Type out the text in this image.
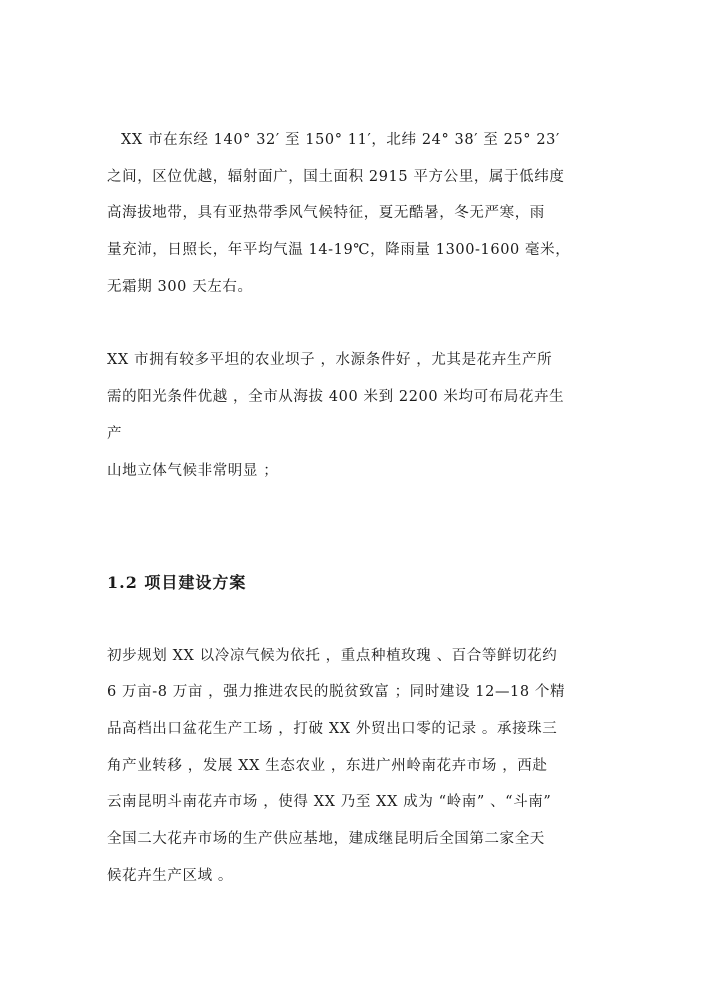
XX 市在东经 140° 32′ 至 150° 11′，北纬 24° 38′ 至 25° 23′
之间，区位优越，辐射面广，国土面积 2915 平方公里，属于低纬度
高海拔地带，具有亚热带季风气候特征，夏无酷暑，冬无严寒，雨
量充沛，日照长，年平均气温 14-19℃，降雨量 1300-1600 毫米，
无霜期 300 天左右。
XX 市拥有较多平坦的农业坝子 ，水源条件好 ，尤其是花卉生产所
需的阳光条件优越 ，全市从海拔 400 米到 2200 米均可布局花卉生
产
山地立体气候非常明显 ；
1.2 项目建设方案
初步规划 XX 以冷凉气候为依托 ，重点种植玫瑰 、百合等鲜切花约
6 万亩-8 万亩 ，强力推进农民的脱贫致富 ；同时建设 12—18 个精
品高档出口盆花生产工场 ，打破 XX 外贸出口零的记录 。承接珠三
角产业转移 ，发展 XX 生态农业 ，东进广州岭南花卉市场 ，西赴
云南昆明斗南花卉市场 ，使得 XX 乃至 XX 成为 “岭南” 、“斗南”
全国二大花卉市场的生产供应基地，建成继昆明后全国第二家全天
候花卉生产区域 。
